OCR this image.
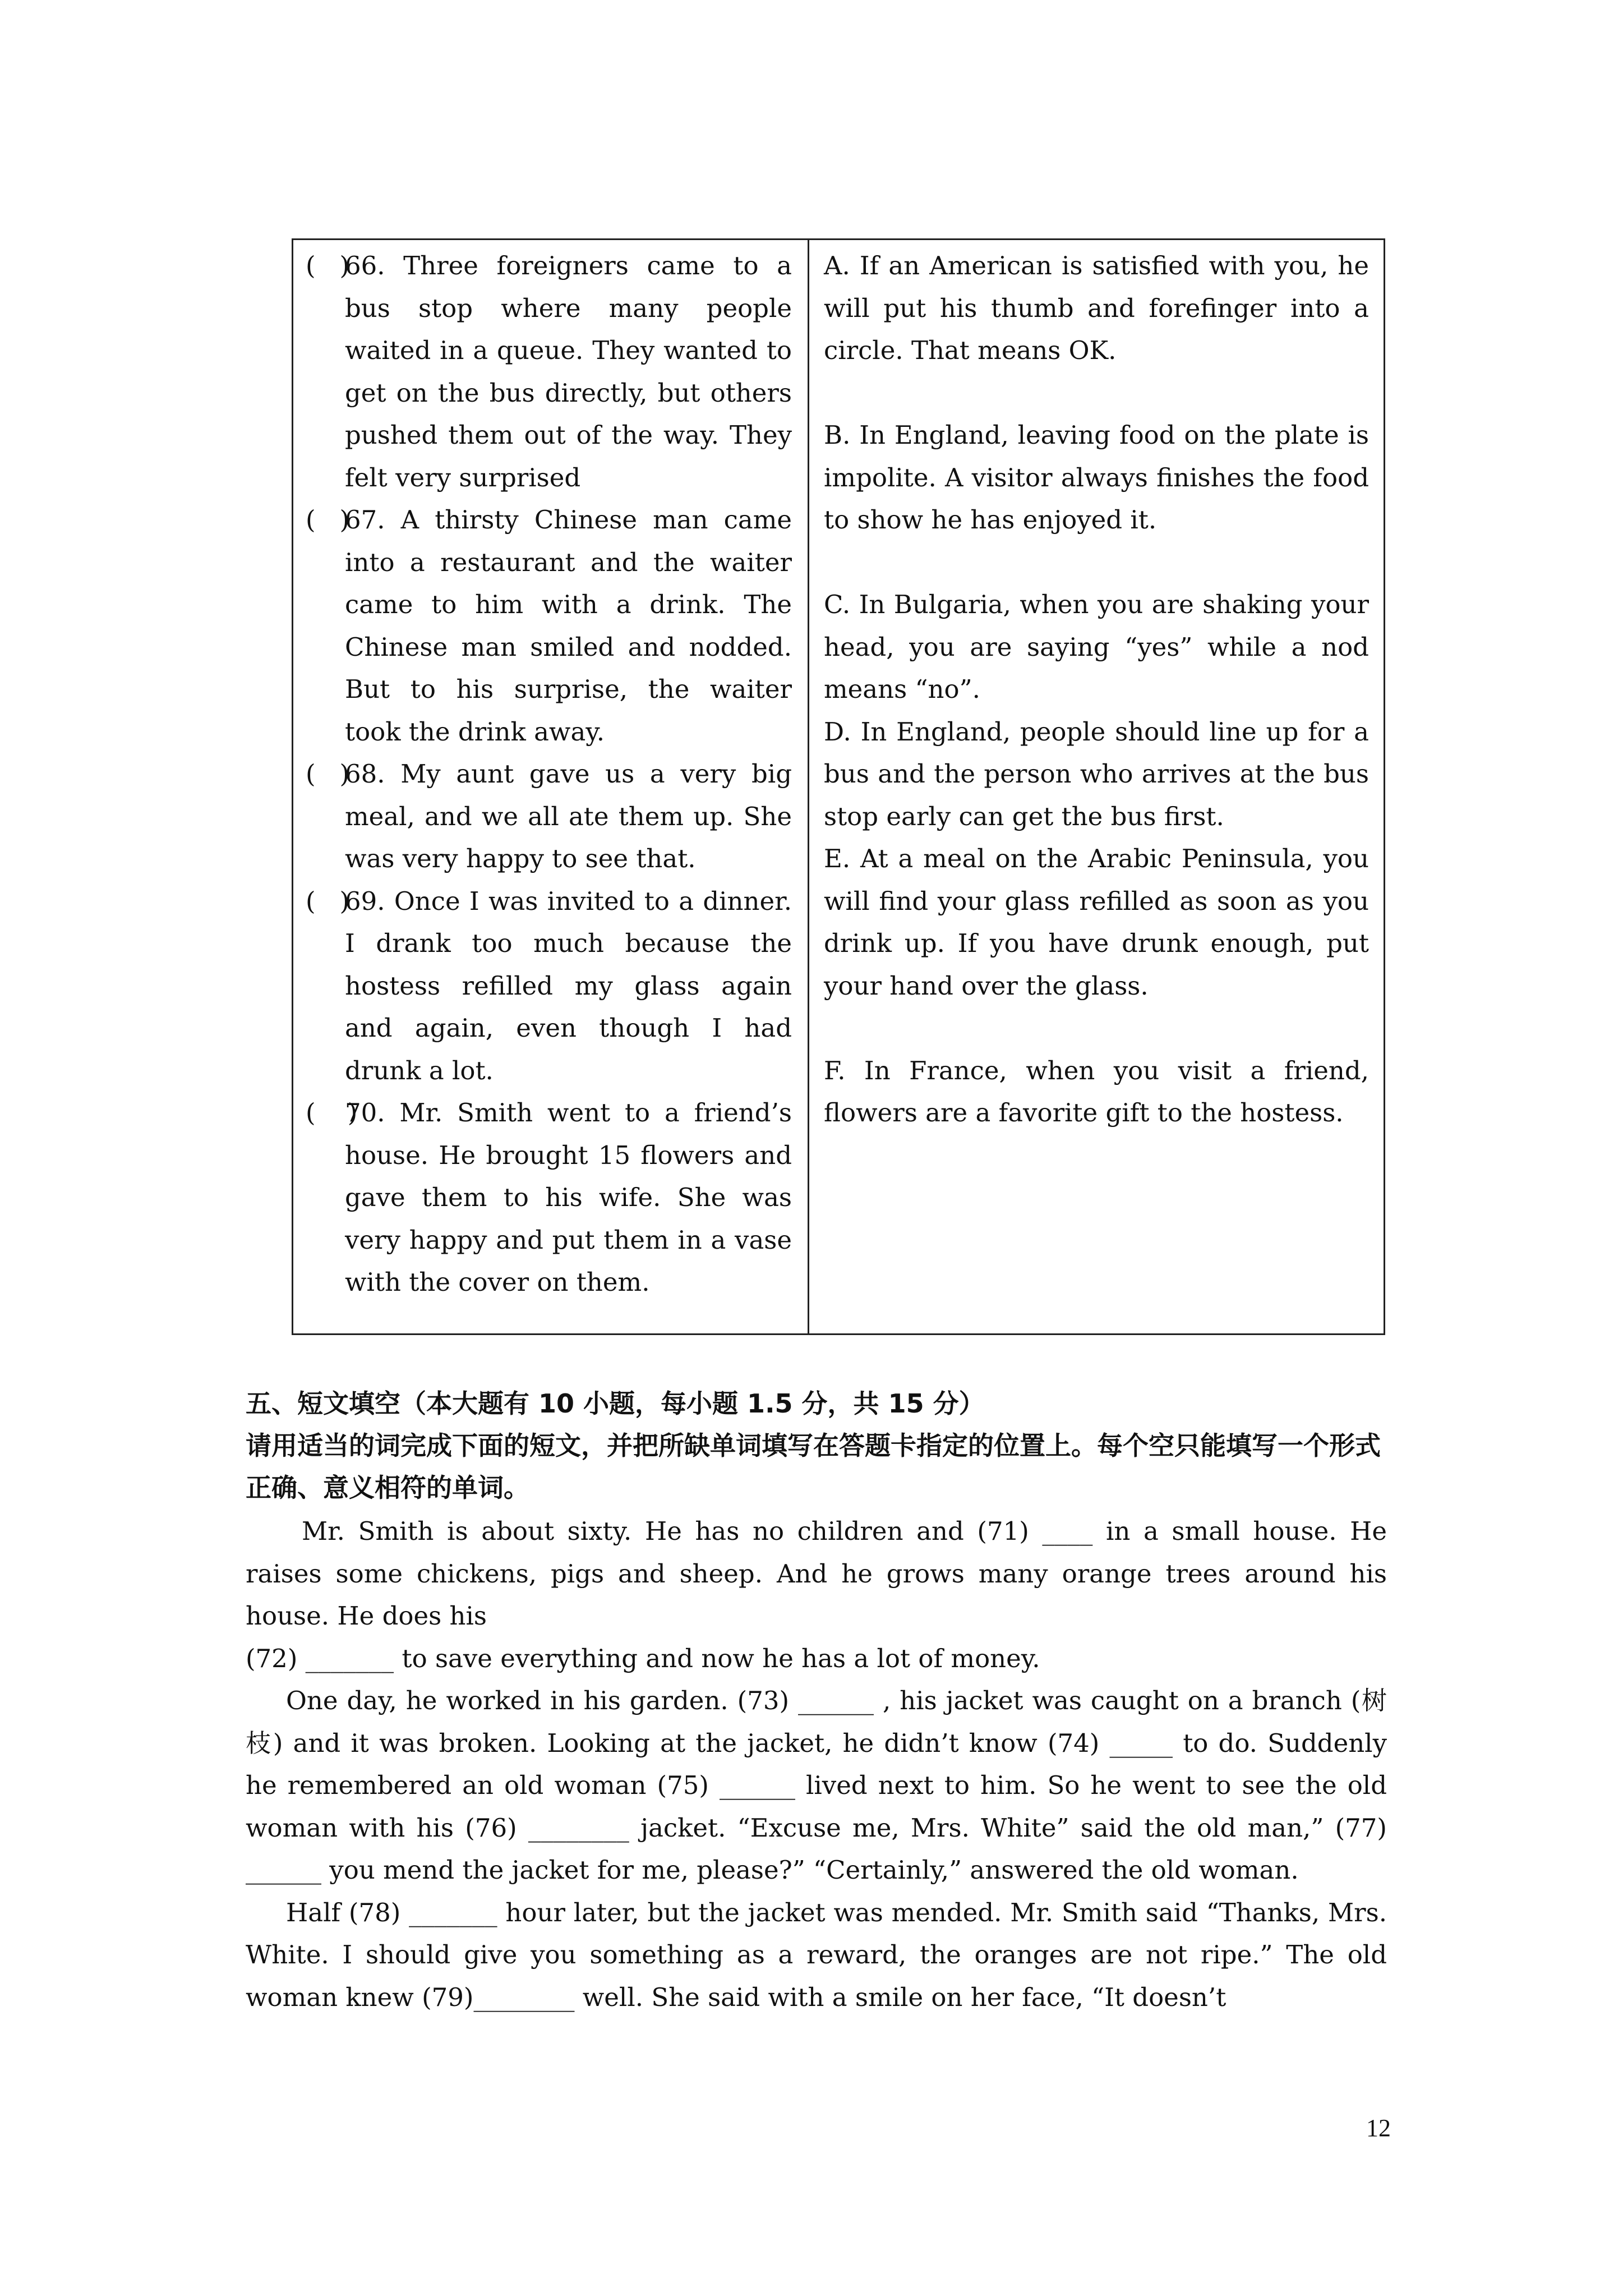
(   )
66. Three foreigners came to a bus stop where many people waited in a queue. They wanted to get on the bus directly, but others pushed them out of the way. They felt very surprised
(   )
67. A thirsty Chinese man came into a restaurant and the waiter came to him with a drink. The Chinese man smiled and nodded. But to his surprise, the waiter took the drink away.
(   )
68. My aunt gave us a very big meal, and we all ate them up. She was very happy to see that.
(   )
69. Once I was invited to a dinner. I drank too much because the hostess refilled my glass again and again, even though I had drunk a lot.
(    )
70. Mr. Smith went to a friend’s house. He brought 15 flowers and gave them to his wife. She was very happy and put them in a vase with the cover on them.
A. If an American is satisfied with you, he will put his thumb and forefinger into a circle. That means OK.
B. In England, leaving food on the plate is impolite. A visitor always finishes the food to show he has enjoyed it.
C. In Bulgaria, when you are shaking your head, you are saying “yes” while a nod means “no”.
D. In England, people should line up for a bus and the person who arrives at the bus stop early can get the bus first.
E. At a meal on the Arabic Peninsula, you will find your glass refilled as soon as you drink up. If you have drunk enough, put your hand over the glass.
F. In France, when you visit a friend, flowers are a favorite gift to the hostess.
五、短文填空（本大题有 10 小题，每小题 1.5 分，共 15 分）
请用适当的词完成下面的短文，并把所缺单词填写在答题卡指定的位置上。每个空只能填写一个形式正确、意义相符的单词。

Mr. Smith is about sixty. He has no children and (71) ____ in a small house. He raises some chickens, pigs and sheep. And he grows many orange trees around his house. He does his

(72) _______ to save everything and now he has a lot of money.

One day, he worked in his garden. (73) ______ , his jacket was caught on a branch (树枝) and it was broken. Looking at the jacket, he didn’t know (74) _____ to do. Suddenly he remembered an old woman (75) ______ lived next to him. So he went to see the old woman with his (76) ________ jacket. “Excuse me, Mrs. White” said the old man,” (77) ______ you mend the jacket for me, please?” “Certainly,” answered the old woman.

Half (78) _______ hour later, but the jacket was mended. Mr. Smith said “Thanks, Mrs. White. I should give you something as a reward, the oranges are not ripe.” The old woman knew (79)________ well. She said with a smile on her face, “It doesn’t

12
